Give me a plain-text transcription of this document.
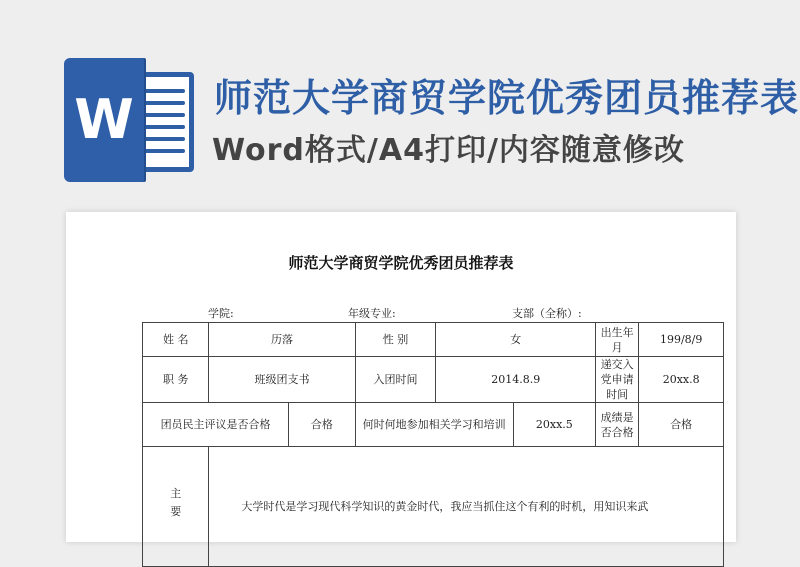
W 师范大学商贸学院优秀团员推荐表
Word格式/A4打印/内容随意修改
师范大学商贸学院优秀团员推荐表
学院:	年级专业:	支部（全称）:
姓 名	历落		性 别	女		出生年月	199/8/9
职 务	班级团支书		入团时间	2014.8.9		递交入党申请时间	20xx.8
团员民主评议是否合格		合格	何时何地参加相关学习和培训		20xx.5	成绩是否合格	合格

主
要	大学时代是学习现代科学知识的黄金时代，我应当抓住这个有利的时机，用知识来武						
